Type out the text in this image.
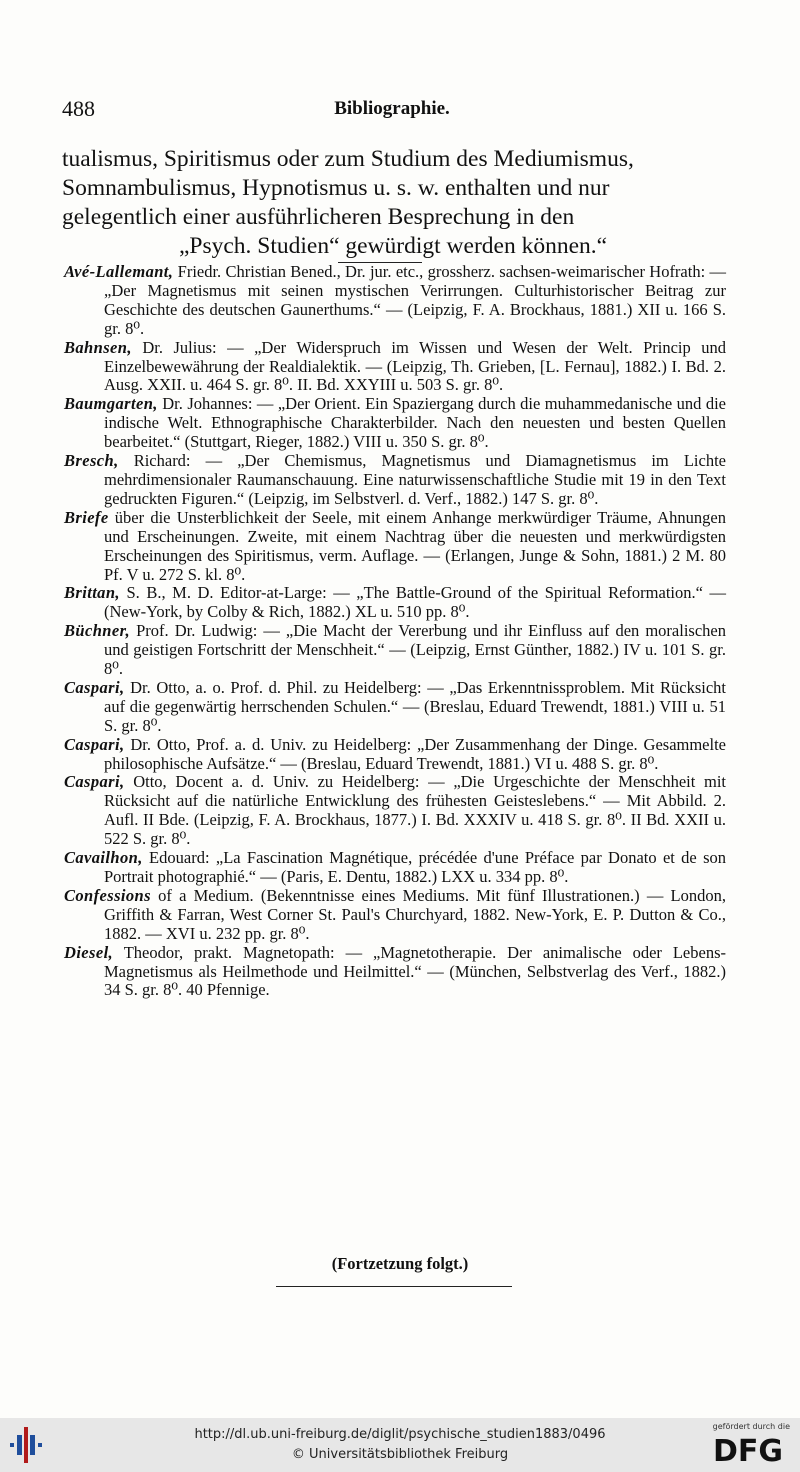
488	Bibliographie.
tualismus, Spiritismus oder zum Studium des Mediumismus,
Somnambulismus, Hypnotismus u. s. w. enthalten und nur
gelegentlich einer ausführlicheren Besprechung in den
„Psych. Studien“ gewürdigt werden können.“
Avé-Lallemant, Friedr. Christian Bened., Dr. jur. etc., grossherz. sachsen-weimarischer Hofrath: — „Der Magnetismus mit seinen mystischen Verirrungen. Culturhistorischer Beitrag zur Geschichte des deutschen Gaunerthums.“ — (Leipzig, F. A. Brockhaus, 1881.) XII u. 166 S. gr. 8⁰.
Bahnsen, Dr. Julius: — „Der Widerspruch im Wissen und Wesen der Welt. Princip und Einzelbewewährung der Realdialektik. — (Leipzig, Th. Grieben, [L. Fernau], 1882.) I. Bd. 2. Ausg. XXII. u. 464 S. gr. 8⁰. II. Bd. XXYIII u. 503 S. gr. 8⁰.
Baumgarten, Dr. Johannes: — „Der Orient. Ein Spaziergang durch die muhammedanische und die indische Welt. Ethnographische Charakterbilder. Nach den neuesten und besten Quellen bearbeitet.“ (Stuttgart, Rieger, 1882.) VIII u. 350 S. gr. 8⁰.
Bresch, Richard: — „Der Chemismus, Magnetismus und Diamagnetismus im Lichte mehrdimensionaler Raumanschauung. Eine naturwissenschaftliche Studie mit 19 in den Text gedruckten Figuren.“ (Leipzig, im Selbstverl. d. Verf., 1882.) 147 S. gr. 8⁰.
Briefe über die Unsterblichkeit der Seele, mit einem Anhange merkwürdiger Träume, Ahnungen und Erscheinungen. Zweite, mit einem Nachtrag über die neuesten und merkwürdigsten Erscheinungen des Spiritismus, verm. Auflage. — (Erlangen, Junge & Sohn, 1881.) 2 M. 80 Pf. V u. 272 S. kl. 8⁰.
Brittan, S. B., M. D. Editor-at-Large: — „The Battle-Ground of the Spiritual Reformation.“ — (New-York, by Colby & Rich, 1882.) XL u. 510 pp. 8⁰.
Büchner, Prof. Dr. Ludwig: — „Die Macht der Vererbung und ihr Einfluss auf den moralischen und geistigen Fortschritt der Menschheit.“ — (Leipzig, Ernst Günther, 1882.) IV u. 101 S. gr. 8⁰.
Caspari, Dr. Otto, a. o. Prof. d. Phil. zu Heidelberg: — „Das Erkenntnissproblem. Mit Rücksicht auf die gegenwärtig herrschenden Schulen.“ — (Breslau, Eduard Trewendt, 1881.) VIII u. 51 S. gr. 8⁰.
Caspari, Dr. Otto, Prof. a. d. Univ. zu Heidelberg: „Der Zusammenhang der Dinge. Gesammelte philosophische Aufsätze.“ — (Breslau, Eduard Trewendt, 1881.) VI u. 488 S. gr. 8⁰.
Caspari, Otto, Docent a. d. Univ. zu Heidelberg: — „Die Urgeschichte der Menschheit mit Rücksicht auf die natürliche Entwicklung des frühesten Geisteslebens.“ — Mit Abbild. 2. Aufl. II Bde. (Leipzig, F. A. Brockhaus, 1877.) I. Bd. XXXIV u. 418 S. gr. 8⁰. II Bd. XXII u. 522 S. gr. 8⁰.
Cavailhon, Edouard: „La Fascination Magnétique, précédée d'une Préface par Donato et de son Portrait photographié.“ — (Paris, E. Dentu, 1882.) LXX u. 334 pp. 8⁰.
Confessions of a Medium. (Bekenntnisse eines Mediums. Mit fünf Illustrationen.) — London, Griffith & Farran, West Corner St. Paul's Churchyard, 1882. New-York, E. P. Dutton & Co., 1882. — XVI u. 232 pp. gr. 8⁰.
Diesel, Theodor, prakt. Magnetopath: — „Magnetotherapie. Der animalische oder Lebens-Magnetismus als Heilmethode und Heilmittel.“ — (München, Selbstverlag des Verf., 1882.) 34 S. gr. 8⁰. 40 Pfennige.
(Fortzetzung folgt.)
http://dl.ub.uni-freiburg.de/diglit/psychische_studien1883/0496
© Universitätsbibliothek Freiburg
gefördert durch die
DFG
